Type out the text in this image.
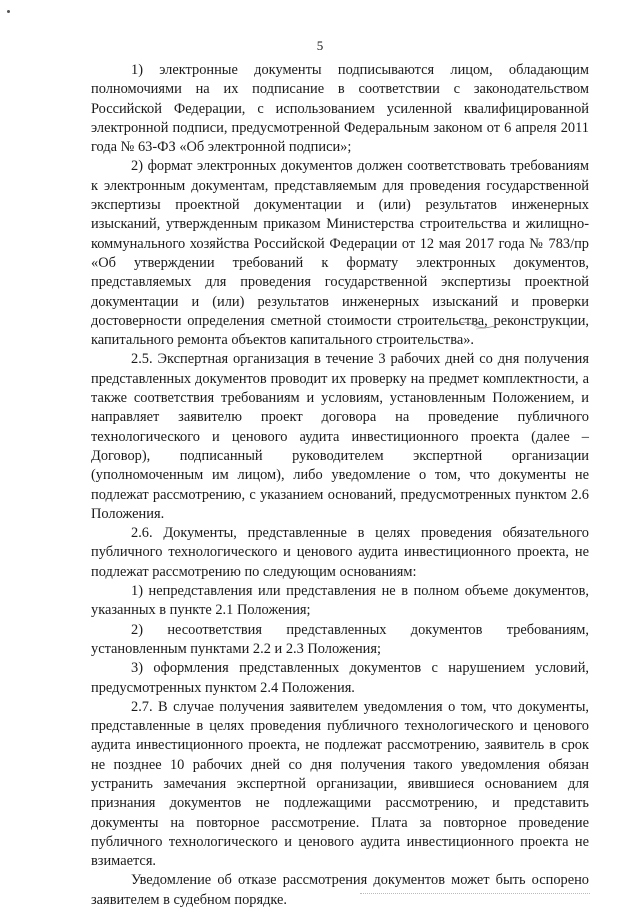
5

1) электронные документы подписываются лицом, обладающим полномочиями на их подписание в соответствии с законодательством Российской Федерации, с использованием усиленной квалифицированной электронной подписи, предусмотренной Федеральным законом от 6 апреля 2011 года № 63-ФЗ «Об электронной подписи»;

2) формат электронных документов должен соответствовать требованиям к электронным документам, представляемым для проведения государственной экспертизы проектной документации и (или) результатов инженерных изысканий, утвержденным приказом Министерства строительства и жилищно-коммунального хозяйства Российской Федерации от 12 мая 2017 года № 783/пр «Об утверждении требований к формату электронных документов, представляемых для проведения государственной экспертизы проектной документации и (или) результатов инженерных изысканий и проверки достоверности определения сметной стоимости строительства, реконструкции, капитального ремонта объектов капитального строительства».

2.5. Экспертная организация в течение 3 рабочих дней со дня получения представленных документов проводит их проверку на предмет комплектности, а также соответствия требованиям и условиям, установленным Положением, и направляет заявителю проект договора на проведение публичного технологического и ценового аудита инвестиционного проекта (далее – Договор), подписанный руководителем экспертной организации (уполномоченным им лицом), либо уведомление о том, что документы не подлежат рассмотрению, с указанием оснований, предусмотренных пунктом 2.6 Положения.

2.6. Документы, представленные в целях проведения обязательного публичного технологического и ценового аудита инвестиционного проекта, не подлежат рассмотрению по следующим основаниям:

1) непредставления или представления не в полном объеме документов, указанных в пункте 2.1 Положения;

2) несоответствия представленных документов требованиям, установленным пунктами 2.2 и 2.3 Положения;

3) оформления представленных документов с нарушением условий, предусмотренных пунктом 2.4 Положения.

2.7. В случае получения заявителем уведомления о том, что документы, представленные в целях проведения публичного технологического и ценового аудита инвестиционного проекта, не подлежат рассмотрению, заявитель в срок не позднее 10 рабочих дней со дня получения такого уведомления обязан устранить замечания экспертной организации, явившиеся основанием для признания документов не подлежащими рассмотрению, и представить документы на повторное рассмотрение. Плата за повторное проведение публичного технологического и ценового аудита инвестиционного проекта не взимается.

Уведомление об отказе рассмотрения документов может быть оспорено заявителем в судебном порядке.
